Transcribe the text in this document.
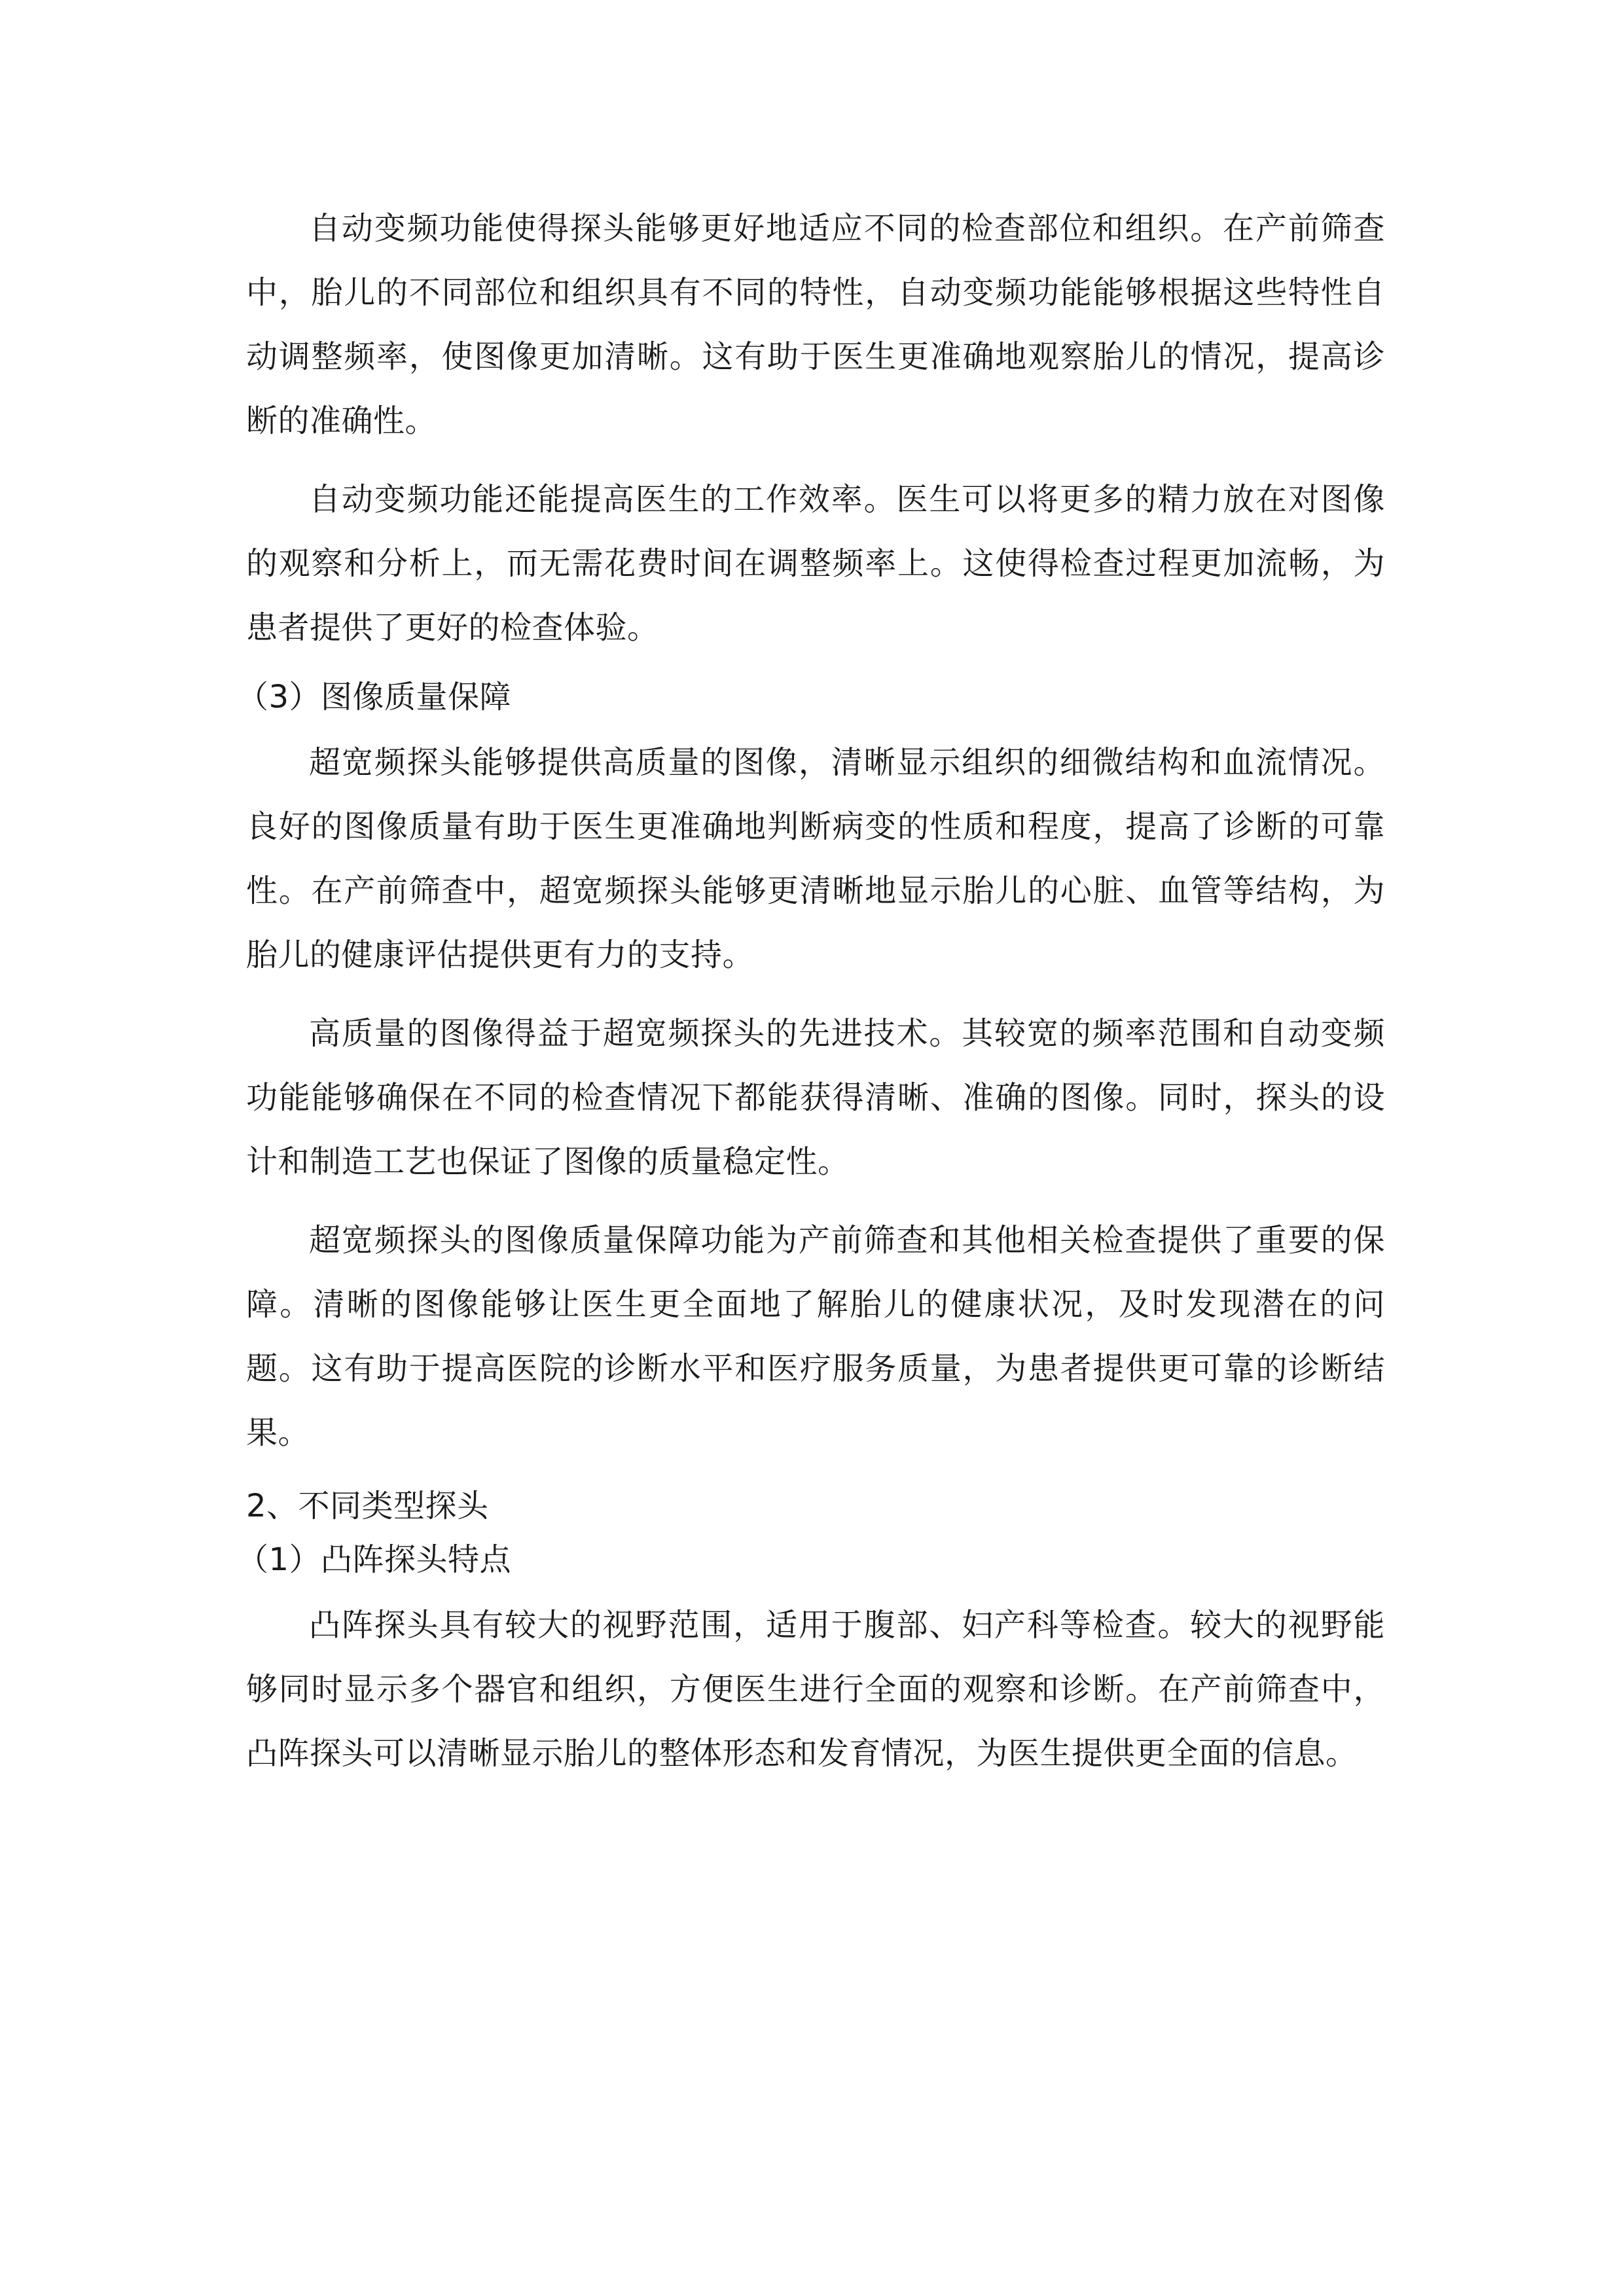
自动变频功能使得探头能够更好地适应不同的检查部位和组织。在产前筛查中，胎儿的不同部位和组织具有不同的特性，自动变频功能能够根据这些特性自动调整频率，使图像更加清晰。这有助于医生更准确地观察胎儿的情况，提高诊断的准确性。

自动变频功能还能提高医生的工作效率。医生可以将更多的精力放在对图像的观察和分析上，而无需花费时间在调整频率上。这使得检查过程更加流畅，为患者提供了更好的检查体验。

（3）图像质量保障

超宽频探头能够提供高质量的图像，清晰显示组织的细微结构和血流情况。良好的图像质量有助于医生更准确地判断病变的性质和程度，提高了诊断的可靠性。在产前筛查中，超宽频探头能够更清晰地显示胎儿的心脏、血管等结构，为胎儿的健康评估提供更有力的支持。

高质量的图像得益于超宽频探头的先进技术。其较宽的频率范围和自动变频功能能够确保在不同的检查情况下都能获得清晰、准确的图像。同时，探头的设计和制造工艺也保证了图像的质量稳定性。

超宽频探头的图像质量保障功能为产前筛查和其他相关检查提供了重要的保障。清晰的图像能够让医生更全面地了解胎儿的健康状况，及时发现潜在的问题。这有助于提高医院的诊断水平和医疗服务质量，为患者提供更可靠的诊断结果。

2、不同类型探头

（1）凸阵探头特点

凸阵探头具有较大的视野范围，适用于腹部、妇产科等检查。较大的视野能够同时显示多个器官和组织，方便医生进行全面的观察和诊断。在产前筛查中，凸阵探头可以清晰显示胎儿的整体形态和发育情况，为医生提供更全面的信息。
